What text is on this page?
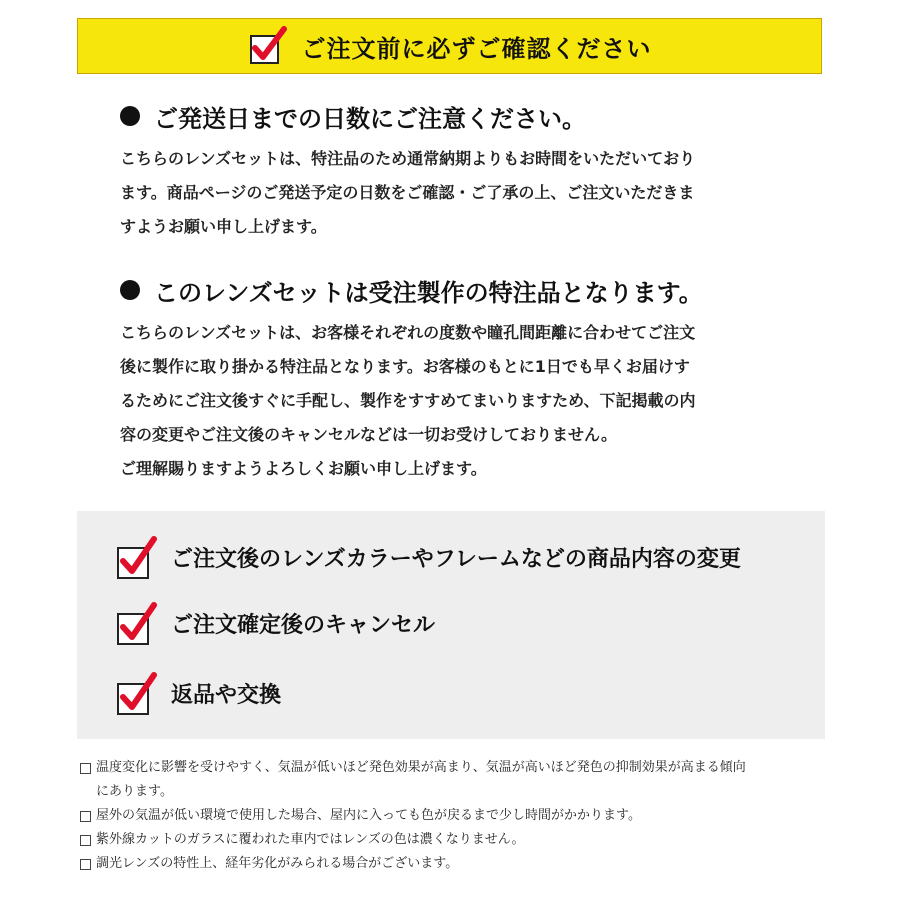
ご注文前に必ずご確認ください
ご発送日までの日数にご注意ください。
こちらのレンズセットは、特注品のため通常納期よりもお時間をいただいており
ます。商品ページのご発送予定の日数をご確認・ご了承の上、ご注文いただきま
すようお願い申し上げます。
このレンズセットは受注製作の特注品となります。
こちらのレンズセットは、お客様それぞれの度数や瞳孔間距離に合わせてご注文
後に製作に取り掛かる特注品となります。お客様のもとに1日でも早くお届けす
るためにご注文後すぐに手配し、製作をすすめてまいりますため、下記掲載の内
容の変更やご注文後のキャンセルなどは一切お受けしておりません。
ご理解賜りますようよろしくお願い申し上げます。
ご注文後のレンズカラーやフレームなどの商品内容の変更
ご注文確定後のキャンセル
返品や交換
温度変化に影響を受けやすく、気温が低いほど発色効果が高まり、気温が高いほど発色の抑制効果が高まる傾向
にあります。
屋外の気温が低い環境で使用した場合、屋内に入っても色が戻るまで少し時間がかかります。
紫外線カットのガラスに覆われた車内ではレンズの色は濃くなりません。
調光レンズの特性上、経年劣化がみられる場合がございます。
